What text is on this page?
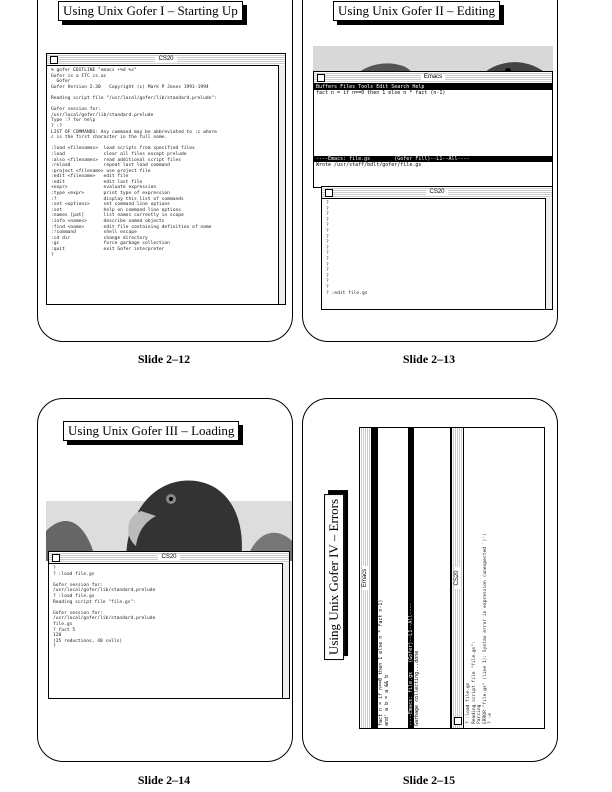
Using Unix Gofer I – Starting Up
CS20
% gofer EDITLINE "emacs +%d %s"
Gofer is a FTC cs.ac
Gofer
Gofer Version 2.30   Copyright (c) Mark P Jones 1991-1994

Reading script file "/usr/local/gofer/lib/standard.prelude":

Gofer session for:
/usr/local/gofer/lib/standard.prelude
Type :? for help
? :?
LIST OF COMMANDS: Any command may be abbreviated to :c where
c is the first character in the full name.

:load <filenames>  load scripts from specified files
:load              clear all files except prelude
:also <filenames>  read additional script files
:reload            repeat last load command
:project <filename> use project file
:edit <filename>   edit file
:edit              edit last file
<expr>             evaluate expression
:type <expr>       print type of expression
:?                 display this list of commands
:set <options>     set command line options
:set               help on command line options
:names [pat]       list names currently in scope
:info <names>      describe named objects
:find <name>       edit file containing definition of name
:!command          shell escape
:cd dir            change directory
:gc                force garbage collection
:quit              exit Gofer interpreter
?
Slide 2–12
Using Unix Gofer II – Editing
Emacs
Buffers Files Tools Edit Search Help
fact n = if n==0 then 1 else n * fact (n-1)
----Emacs: file.gs        (Gofer Fill)--L1--All----
Wrote /usr/staff/bdlt/gofer/file.gs
CS20
?
?
?
?
?
?
?
?
?
?
?
?
?
?
?
?
? :edit file.gs
Slide 2–13
Using Unix Gofer III – Loading
CS20
?
? :load file.gs

Gofer session for:
/usr/local/gofer/lib/standard.prelude
? :load file.gs
Reading script file "file.gs":

Gofer session for:
/usr/local/gofer/lib/standard.prelude
file.gs
? fact 5
120
(25 reductions, 40 cells)
?
Slide 2–14
Using Unix Gofer IV – Errors	Emacs

fact n = if n==0 then 1 else n * fact n-1) and' a b = a && b	----Emacs: file.gs   (Gofer)--L1--All---- Garbage collecting...done
CS20
? :load file.gs Reading script file "file.gs": Parsing ERROR "file.gs" (line 1): Syntax error in expression (unexpected `)') ? :e
Slide 2–15
